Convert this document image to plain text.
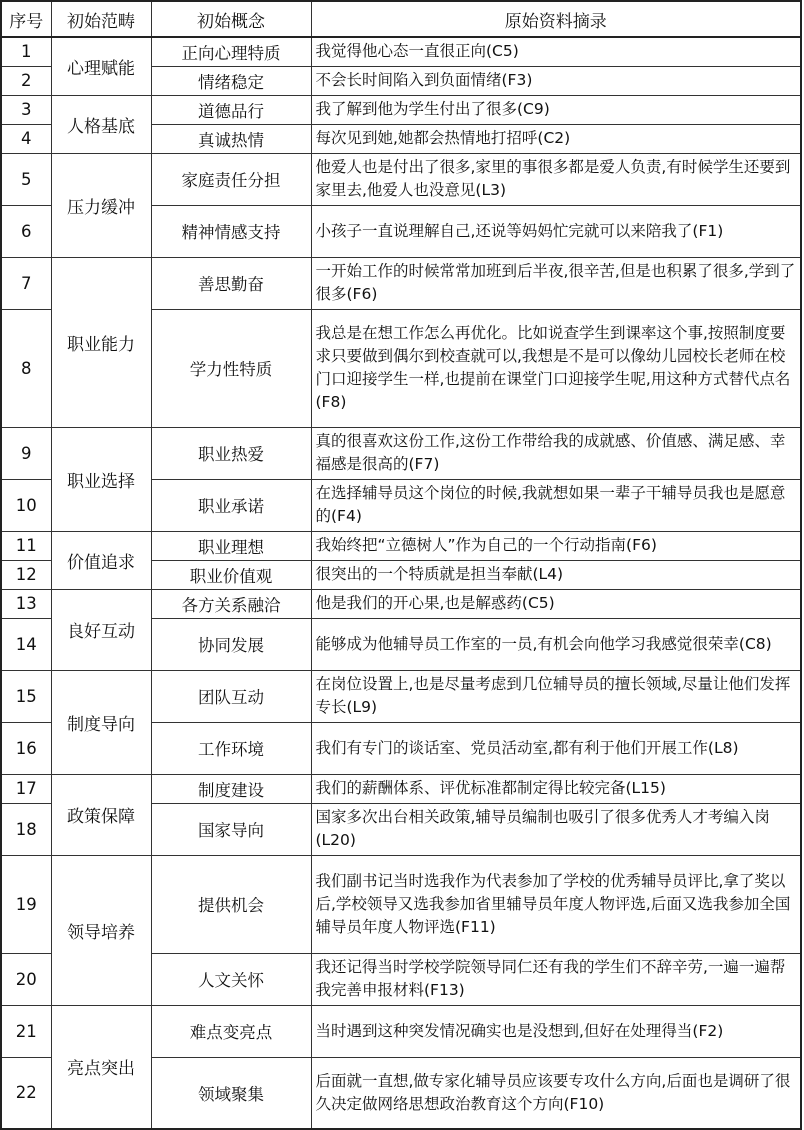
序号	初始范畴	初始概念	原始资料摘录
1	心理赋能	正向心理特质	我觉得他心态一直很正向(C5)
2		情绪稳定	不会长时间陷入到负面情绪(F3)
3	人格基底	道德品行	我了解到他为学生付出了很多(C9)
4		真诚热情	每次见到她,她都会热情地打招呼(C2)
5	压力缓冲	家庭责任分担	他爱人也是付出了很多,家里的事很多都是爱人负责,有时候学生还要到家里去,他爱人也没意见(L3)
6		精神情感支持	小孩子一直说理解自己,还说等妈妈忙完就可以来陪我了(F1)
7	职业能力	善思勤奋	一开始工作的时候常常加班到后半夜,很辛苦,但是也积累了很多,学到了很多(F6)
8		学力性特质	我总是在想工作怎么再优化。比如说查学生到课率这个事,按照制度要求只要做到偶尔到校查就可以,我想是不是可以像幼儿园校长老师在校门口迎接学生一样,也提前在课堂门口迎接学生呢,用这种方式替代点名(F8)
9	职业选择	职业热爱	真的很喜欢这份工作,这份工作带给我的成就感、价值感、满足感、幸福感是很高的(F7)
10		职业承诺	在选择辅导员这个岗位的时候,我就想如果一辈子干辅导员我也是愿意的(F4)
11	价值追求	职业理想	我始终把“立德树人”作为自己的一个行动指南(F6)
12		职业价值观	很突出的一个特质就是担当奉献(L4)
13	良好互动	各方关系融洽	他是我们的开心果,也是解惑药(C5)
14		协同发展	能够成为他辅导员工作室的一员,有机会向他学习我感觉很荣幸(C8)
15	制度导向	团队互动	在岗位设置上,也是尽量考虑到几位辅导员的擅长领域,尽量让他们发挥专长(L9)
16		工作环境	我们有专门的谈话室、党员活动室,都有利于他们开展工作(L8)
17	政策保障	制度建设	我们的薪酬体系、评优标准都制定得比较完备(L15)
18		国家导向	国家多次出台相关政策,辅导员编制也吸引了很多优秀人才考编入岗(L20)
19	领导培养	提供机会	我们副书记当时选我作为代表参加了学校的优秀辅导员评比,拿了奖以后,学校领导又选我参加省里辅导员年度人物评选,后面又选我参加全国辅导员年度人物评选(F11)
20		人文关怀	我还记得当时学校学院领导同仁还有我的学生们不辞辛劳,一遍一遍帮我完善申报材料(F13)
21	亮点突出	难点变亮点	当时遇到这种突发情况确实也是没想到,但好在处理得当(F2)
22		领域聚集	后面就一直想,做专家化辅导员应该要专攻什么方向,后面也是调研了很久决定做网络思想政治教育这个方向(F10)
